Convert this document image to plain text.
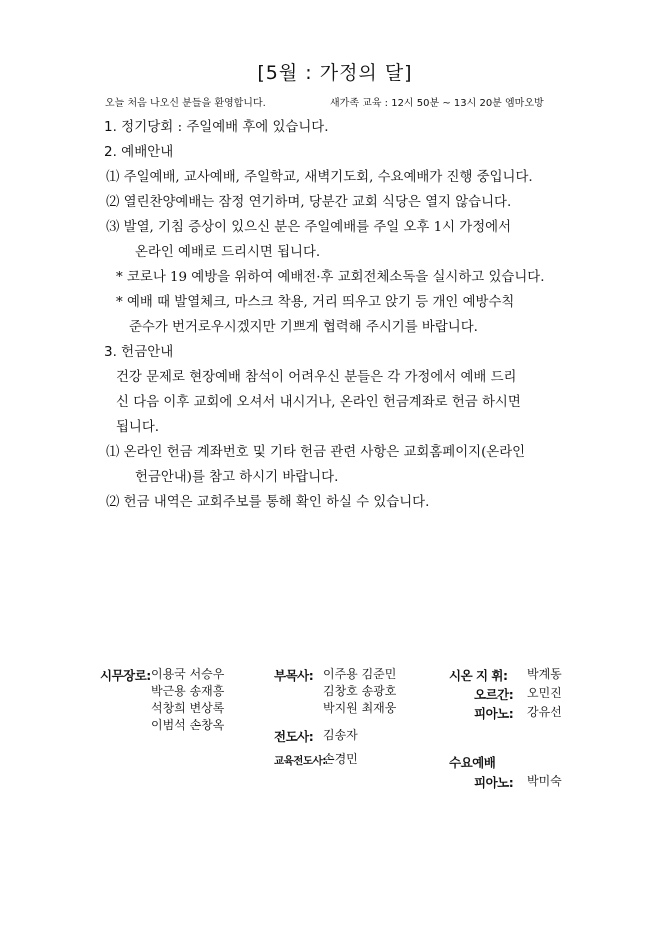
[5월 : 가정의 달]
오늘 처음 나오신 분들을 환영합니다.	새가족 교육 : 12시 50분 ~ 13시 20분 엠마오방
1. 정기당회 : 주일예배 후에 있습니다.
2. 예배안내
⑴ 주일예배, 교사예배, 주일학교, 새벽기도회, 수요예배가 진행 중입니다.
⑵ 열린찬양예배는 잠정 연기하며, 당분간 교회 식당은 열지 않습니다.
⑶ 발열, 기침 증상이 있으신 분은 주일예배를 주일 오후 1시 가정에서
온라인 예배로 드리시면 됩니다.
* 코로나 19 예방을 위하여 예배전·후 교회전체소독을 실시하고 있습니다.
* 예배 때 발열체크, 마스크 착용, 거리 띄우고 앉기 등 개인 예방수칙
준수가 번거로우시겠지만 기쁘게 협력해 주시기를 바랍니다.
3. 헌금안내
건강 문제로 현장예배 참석이 어려우신 분들은 각 가정에서 예배 드리
신 다음 이후 교회에 오셔서 내시거나, 온라인 헌금계좌로 헌금 하시면
됩니다.
⑴ 온라인 헌금 계좌번호 및 기타 헌금 관련 사항은 교회홈페이지(온라인
헌금안내)를 참고 하시기 바랍니다.
⑵ 헌금 내역은 교회주보를 통해 확인 하실 수 있습니다.
시무장로: 이용국 서승우
박근용 송재흥
석창희 변상록
이범석 손창옥
부목사: 이주용 김준민
김창호 송광호
박지원 최재웅
전도사: 김송자
교육전도사:
손경민
시온 지 휘: 박계동
오르간: 오민진
피아노: 강유선
수요예배
피아노: 박미숙
